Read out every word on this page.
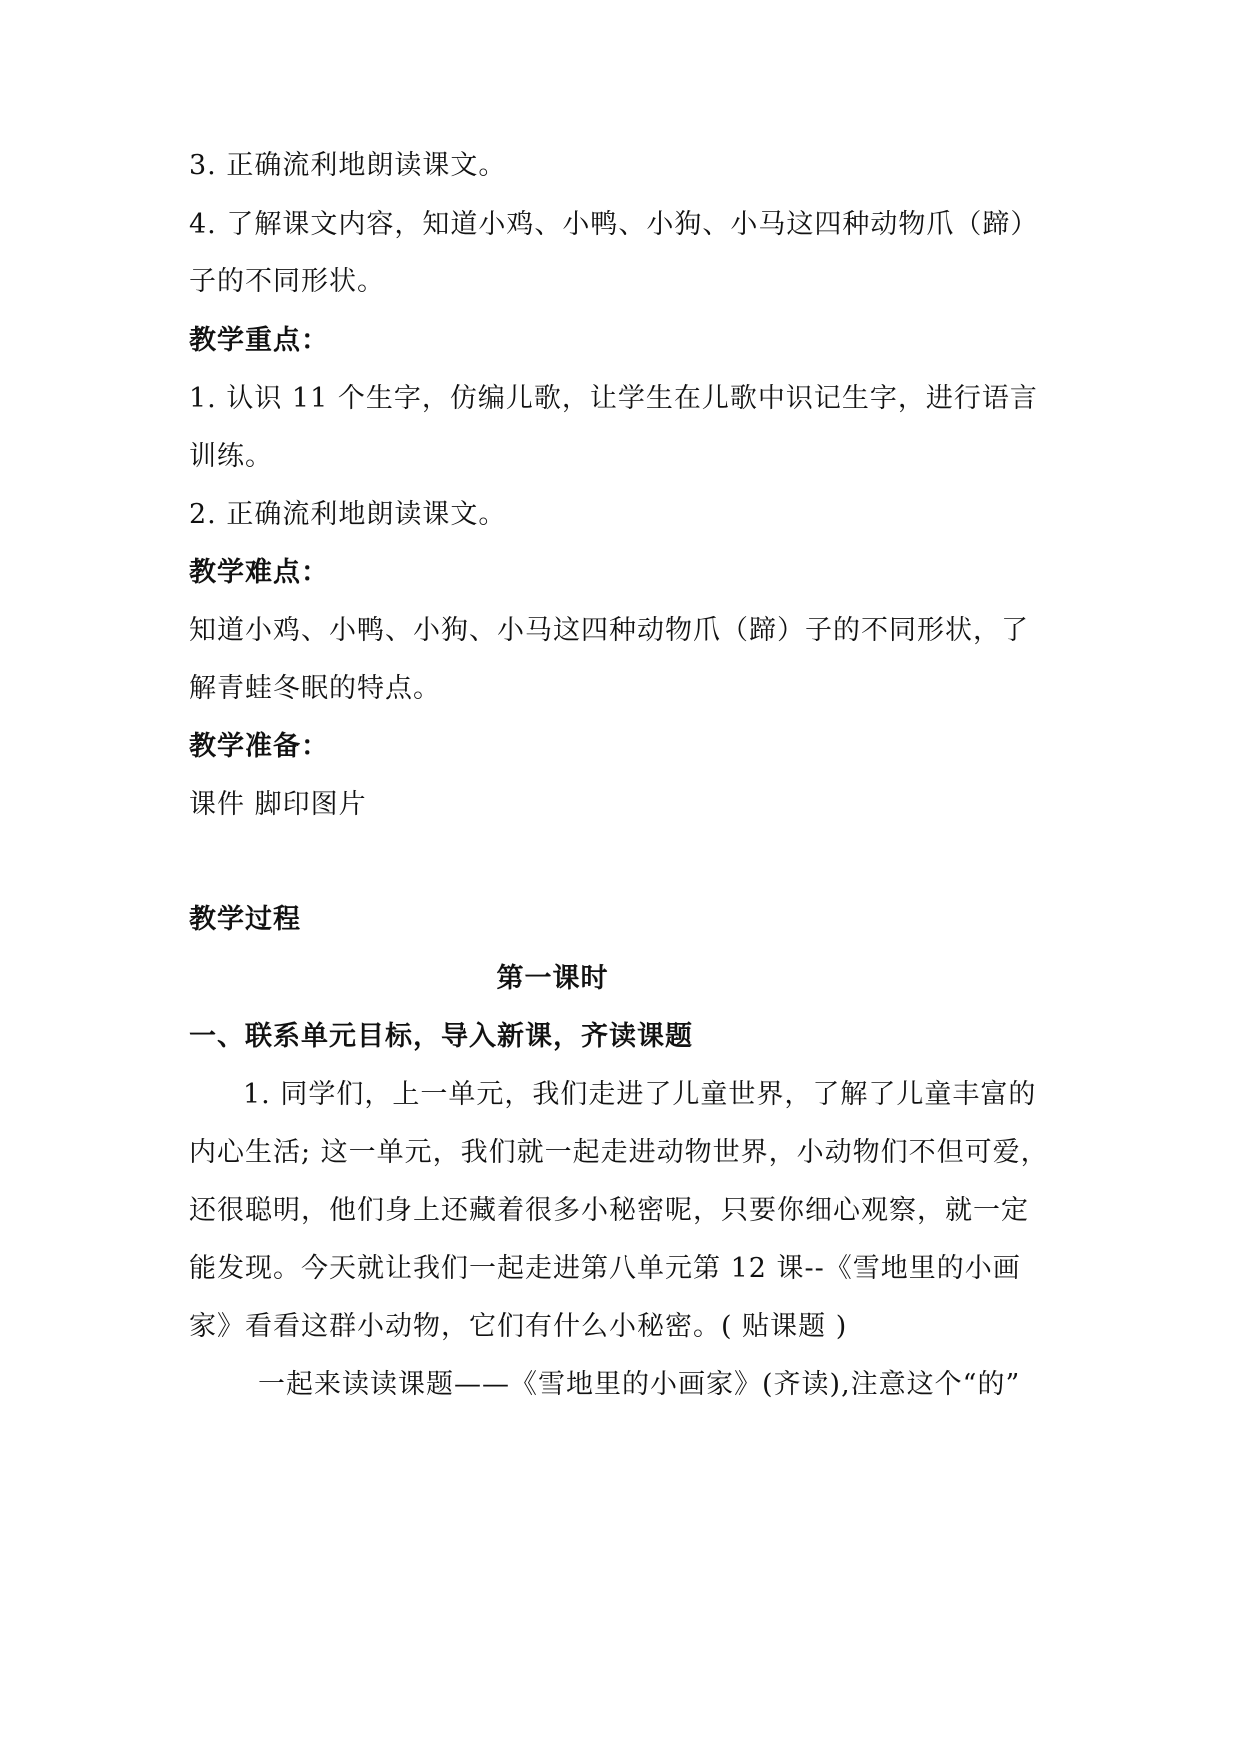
3. 正确流利地朗读课文。
4. 了解课文内容，知道小鸡、小鸭、小狗、小马这四种动物爪（蹄）
子的不同形状。
教学重点：
1. 认识 11 个生字，仿编儿歌，让学生在儿歌中识记生字，进行语言
训练。
2. 正确流利地朗读课文。
教学难点：
知道小鸡、小鸭、小狗、小马这四种动物爪（蹄）子的不同形状，了
解青蛙冬眠的特点。
教学准备：
课件 脚印图片
教学过程
第一课时
一、联系单元目标，导入新课，齐读课题
1. 同学们，上一单元，我们走进了儿童世界，了解了儿童丰富的
内心生活; 这一单元，我们就一起走进动物世界，小动物们不但可爱，
还很聪明，他们身上还藏着很多小秘密呢，只要你细心观察，就一定
能发现。今天就让我们一起走进第八单元第 12 课--《雪地里的小画
家》看看这群小动物，它们有什么小秘密。( 贴课题 )
一起来读读课题——《雪地里的小画家》(齐读),注意这个“的”
